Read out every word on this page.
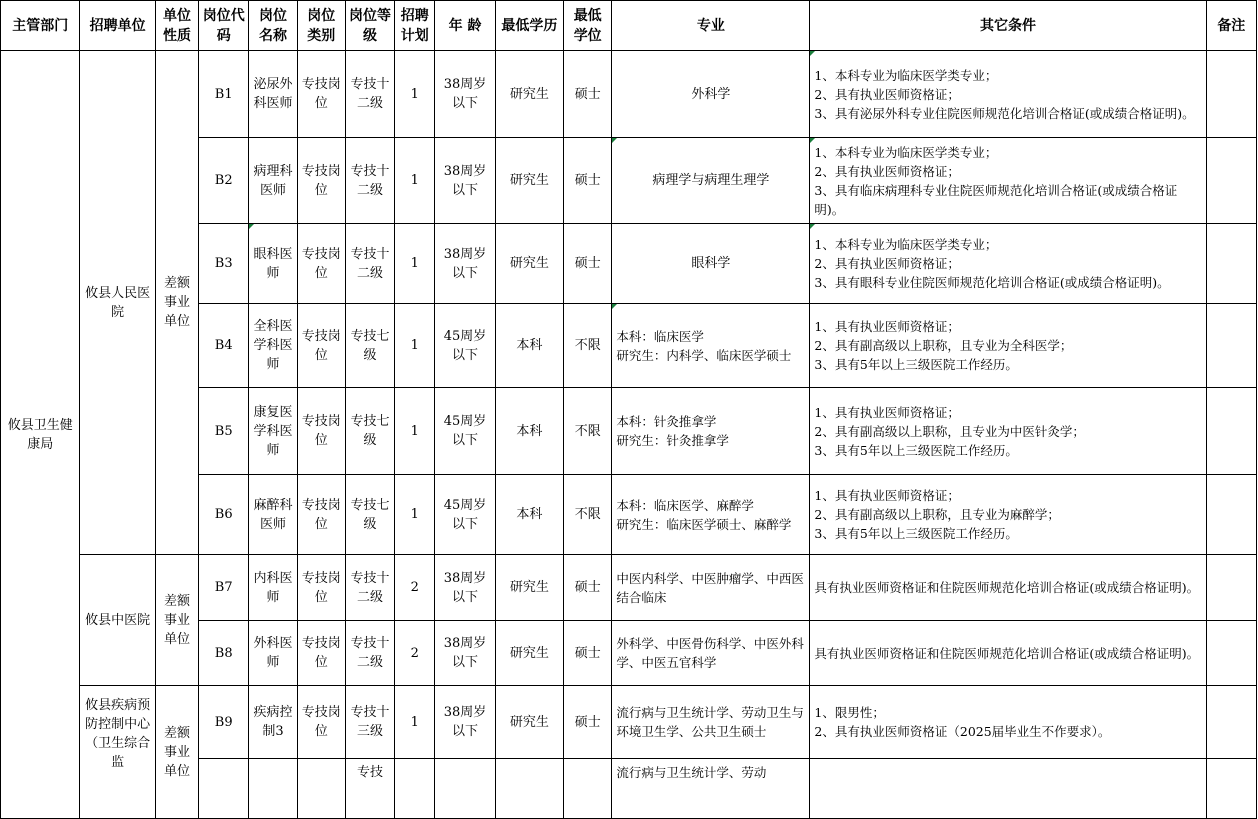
主管部门	招聘单位	单位性质	岗位代码	岗位名称	岗位类别	岗位等级	招聘计划	年 龄	最低学历	最低学位	专业	其它条件	备注
攸县卫生健康局	攸县人民医院	差额事业单位	B1	泌尿外科医师	专技岗位	专技十二级	1	38周岁以下	研究生	硕士	外科学	1、本科专业为临床医学类专业；
2、具有执业医师资格证；
3、具有泌尿外科专业住院医师规范化培训合格证(或成绩合格证明)。	
			B2	病理科医师	专技岗位	专技十二级	1	38周岁以下	研究生	硕士	病理学与病理生理学	1、本科专业为临床医学类专业；
2、具有执业医师资格证；
3、具有临床病理科专业住院医师规范化培训合格证(或成绩合格证明)。	
			B3	眼科医师	专技岗位	专技十二级	1	38周岁以下	研究生	硕士	眼科学	1、本科专业为临床医学类专业；
2、具有执业医师资格证；
3、具有眼科专业住院医师规范化培训合格证(或成绩合格证明)。	
			B4	全科医学科医师	专技岗位	专技七级	1	45周岁以下	本科	不限	本科：临床医学
研究生：内科学、临床医学硕士	1、具有执业医师资格证；
2、具有副高级以上职称，且专业为全科医学；
3、具有5年以上三级医院工作经历。	
			B5	康复医学科医师	专技岗位	专技七级	1	45周岁以下	本科	不限	本科：针灸推拿学
研究生：针灸推拿学	1、具有执业医师资格证；
2、具有副高级以上职称，且专业为中医针灸学；
3、具有5年以上三级医院工作经历。	
			B6	麻醉科医师	专技岗位	专技七级	1	45周岁以下	本科	不限	本科：临床医学、麻醉学
研究生：临床医学硕士、麻醉学	1、具有执业医师资格证；
2、具有副高级以上职称，且专业为麻醉学；
3、具有5年以上三级医院工作经历。	
	攸县中医院	差额事业单位	B7	内科医师	专技岗位	专技十二级	2	38周岁以下	研究生	硕士	中医内科学、中医肿瘤学、中西医结合临床	具有执业医师资格证和住院医师规范化培训合格证(或成绩合格证明)。	
			B8	外科医师	专技岗位	专技十二级	2	38周岁以下	研究生	硕士	外科学、中医骨伤科学、中医外科学、中医五官科学	具有执业医师资格证和住院医师规范化培训合格证(或成绩合格证明)。	
	攸县疾病预防控制中心（卫生综合监	差额事业单位	B9	疾病控制3	专技岗位	专技十三级	1	38周岁以下	研究生	硕士	流行病与卫生统计学、劳动卫生与环境卫生学、公共卫生硕士	1、限男性；
2、具有执业医师资格证（2025届毕业生不作要求）。	
						专技					流行病与卫生统计学、劳动		
